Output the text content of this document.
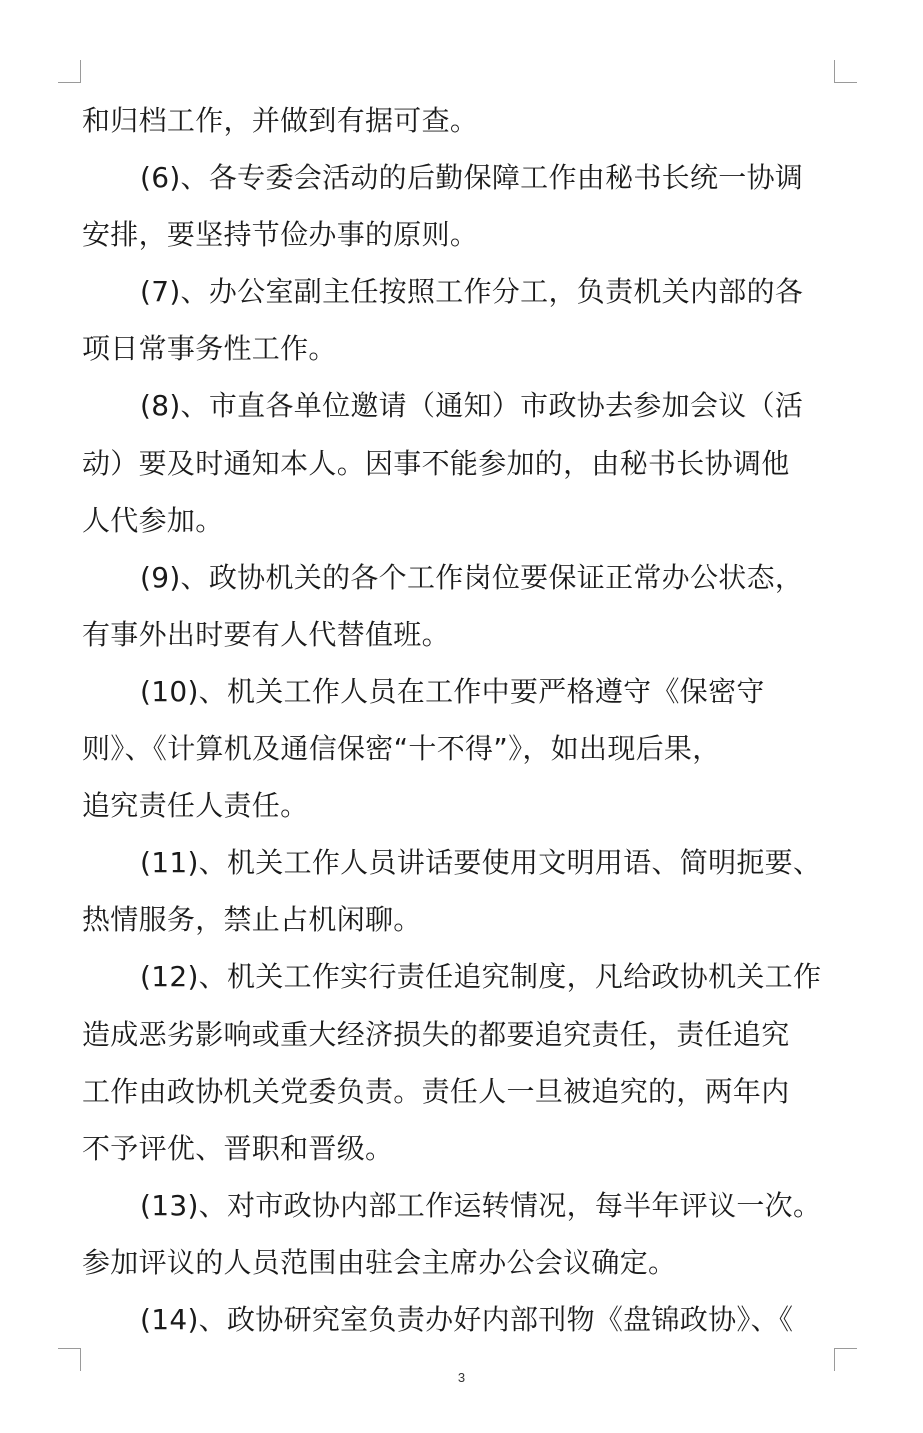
和归档工作，并做到有据可查。
(6)、各专委会活动的后勤保障工作由秘书长统一协调
安排，要坚持节俭办事的原则。
(7)、办公室副主任按照工作分工，负责机关内部的各
项日常事务性工作。
(8)、市直各单位邀请（通知）市政协去参加会议（活
动）要及时通知本人。因事不能参加的，由秘书长协调他
人代参加。
(9)、政协机关的各个工作岗位要保证正常办公状态，
有事外出时要有人代替值班。
(10)、机关工作人员在工作中要严格遵守《保密守
则》、《计算机及通信保密“十不得”》，如出现后果，
追究责任人责任。
(11)、机关工作人员讲话要使用文明用语、简明扼要、
热情服务，禁止占机闲聊。
(12)、机关工作实行责任追究制度，凡给政协机关工作
造成恶劣影响或重大经济损失的都要追究责任，责任追究
工作由政协机关党委负责。责任人一旦被追究的，两年内
不予评优、晋职和晋级。
(13)、对市政协内部工作运转情况，每半年评议一次。
参加评议的人员范围由驻会主席办公会议确定。
(14)、政协研究室负责办好内部刊物《盘锦政协》、《
3
